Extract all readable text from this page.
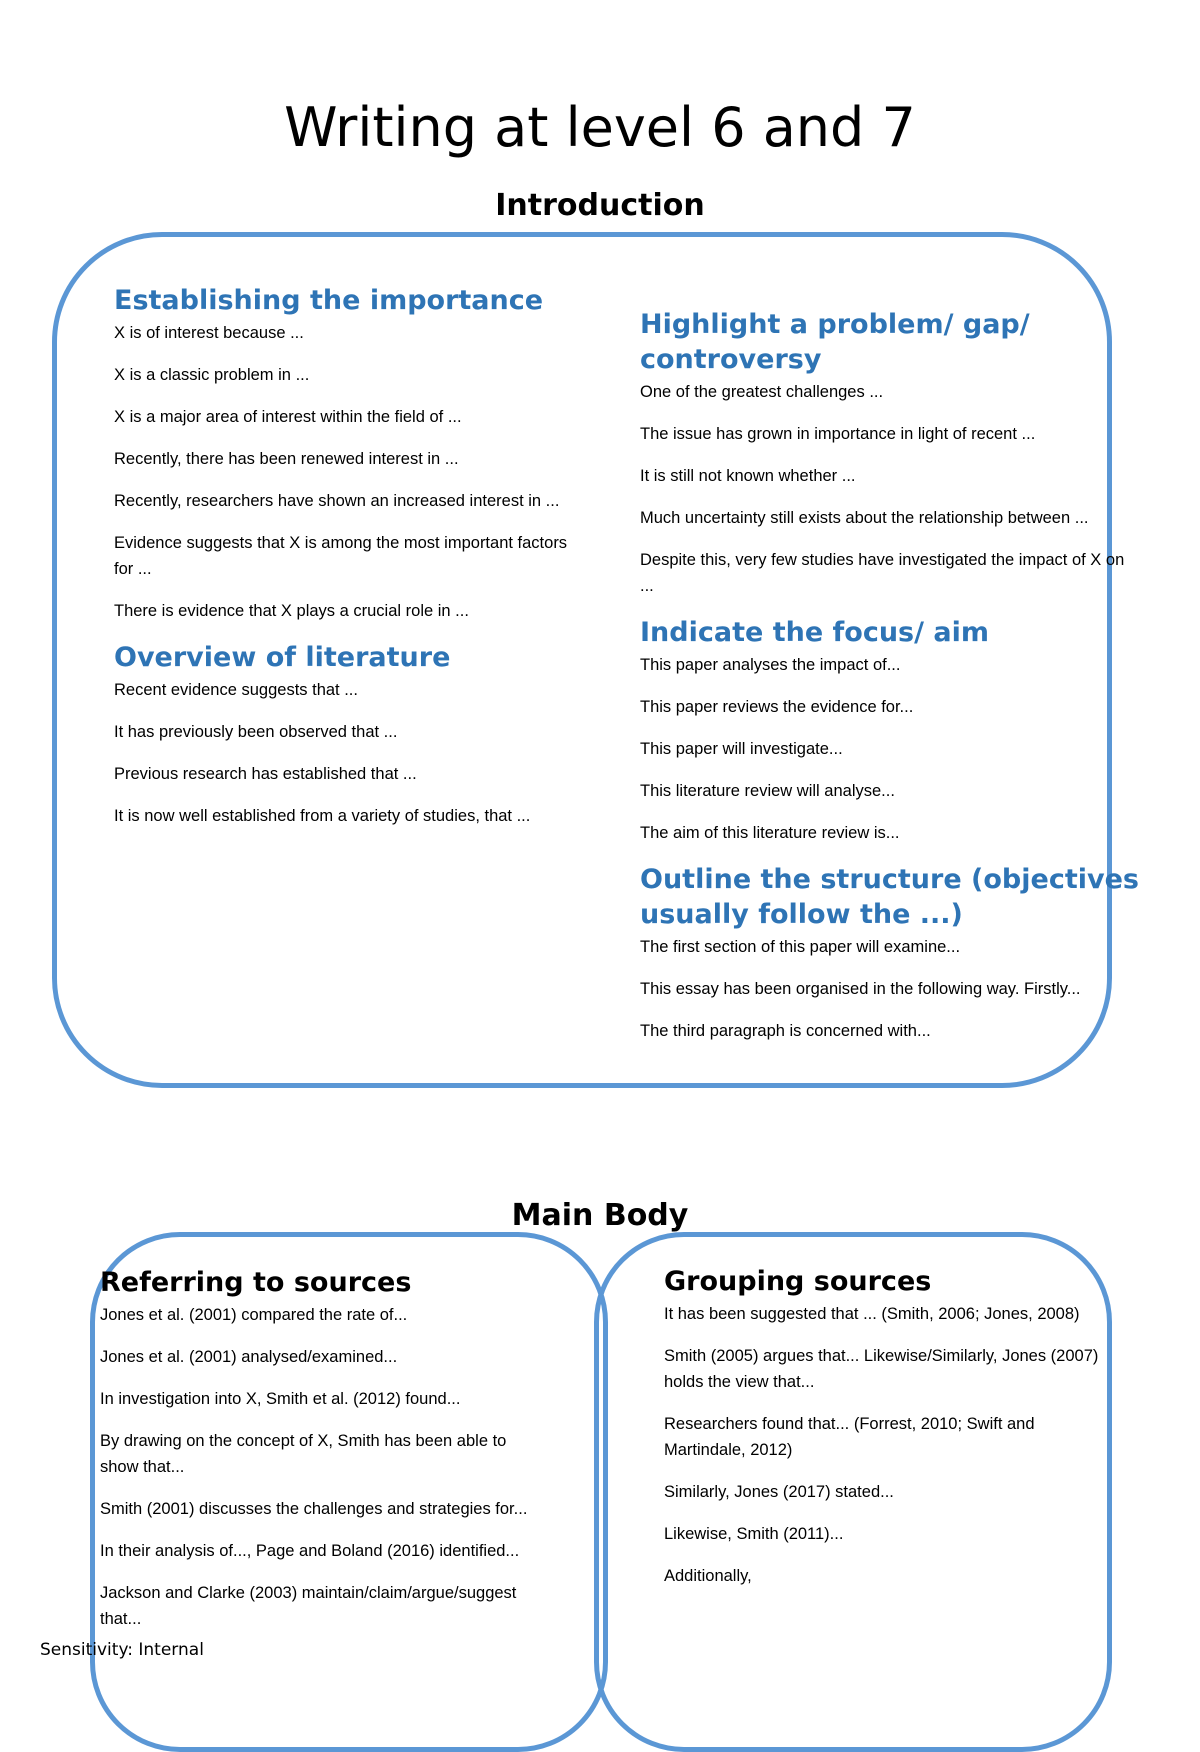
Writing at level 6 and 7
Introduction
Establishing the importance
X is of interest because ...
X is a classic problem in ...
X is a major area of interest within the field of ...
Recently, there has been renewed interest in ...
Recently, researchers have shown an increased interest in ...
Evidence suggests that X is among the most important factors for ...
There is evidence that X plays a crucial role in ...
Overview of literature
Recent evidence suggests that ...
It has previously been observed that ...
Previous research has established that ...
It is now well established from a variety of studies, that ...
Highlight a problem/ gap/ controversy
One of the greatest challenges ...
The issue has grown in importance in light of recent ...
It is still not known whether ...
Much uncertainty still exists about the relationship between ...
Despite this, very few studies have investigated the impact of X on ...
Indicate the focus/ aim
This paper analyses the impact of...
This paper reviews the evidence for...
This paper will investigate...
This literature review will analyse...
The aim of this literature review is...
Outline the structure (objectives usually follow the ...)
The first section of this paper will examine...
This essay has been organised in the following way. Firstly...
The third paragraph is concerned with...
Main Body
Referring to sources
Jones et al. (2001) compared the rate of...
Jones et al. (2001) analysed/examined...
In investigation into X, Smith et al. (2012) found...
By drawing on the concept of X, Smith has been able to show that...
Smith (2001) discusses the challenges and strategies for...
In their analysis of..., Page and Boland (2016) identified...
Jackson and Clarke (2003) maintain/claim/argue/suggest that...
Grouping sources
It has been suggested that ... (Smith, 2006; Jones, 2008)
Smith (2005) argues that... Likewise/Similarly, Jones (2007) holds the view that...
Researchers found that... (Forrest, 2010; Swift and Martindale, 2012)
Similarly, Jones (2017) stated...
Likewise, Smith (2011)...
Additionally,
Sensitivity: Internal
